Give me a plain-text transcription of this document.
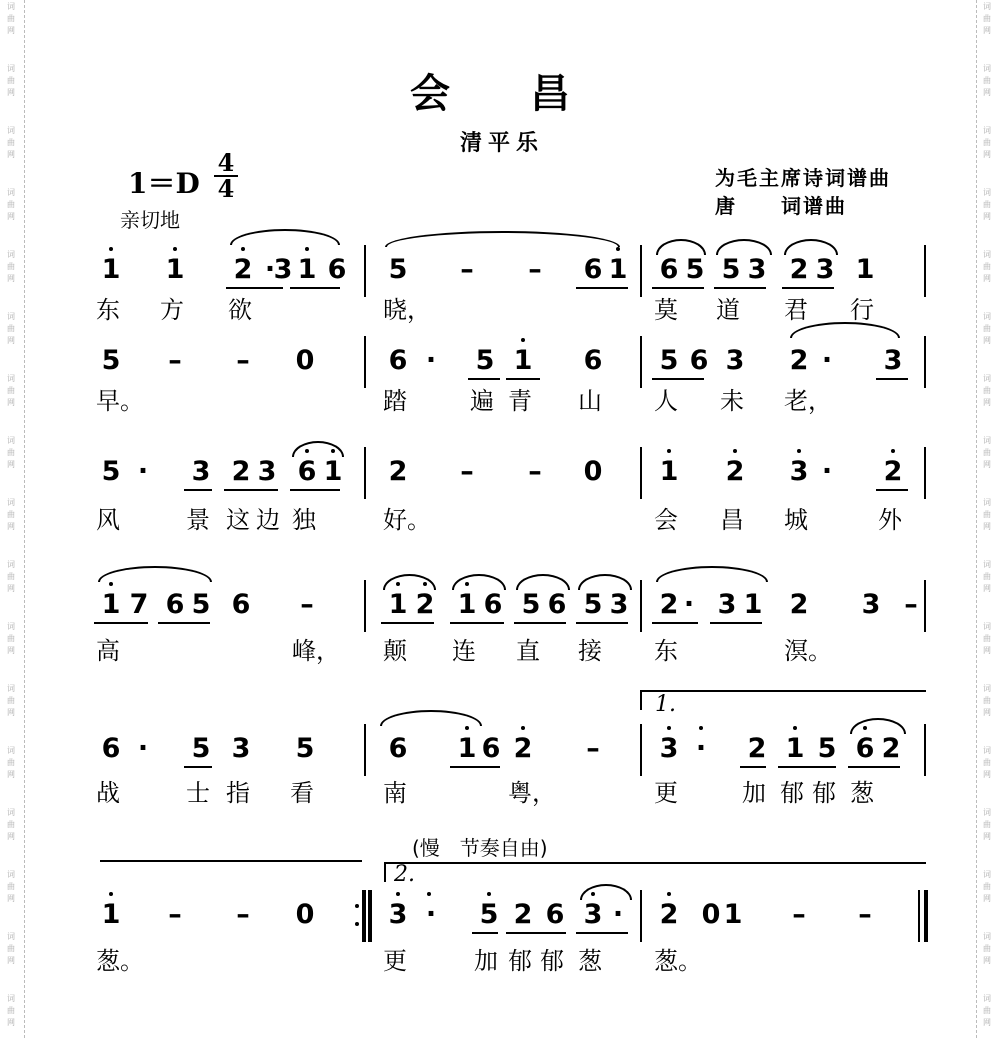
词
曲
网
词
曲
网
词
曲
网
词
曲
网
词
曲
网
词
曲
网
词
曲
网
词
曲
网
词
曲
网
词
曲
网
词
曲
网
词
曲
网
词
曲
网
词
曲
网
词
曲
网
词
曲
网
词
曲
网
词
曲
网
词
曲
网
词
曲
网
词
曲
网
词
曲
网
词
曲
网
词
曲
网
词
曲
网
词
曲
网
词
曲
网
词
曲
网
词
曲
网
词
曲
网
词
曲
网
词
曲
网
词
曲
网
词
曲
网
会　　昌
清平乐
1＝D
4
4
亲切地
为毛主席诗词谱曲
唐　　词谱曲
(慢　节奏自由)
1.
2.
1 1 2 ·
3 1 6 5	–	–	6 1 6 5 5 3 2 3 1
东	方	欲	晓，	莫	道	君	行
5	–	–	0	6 ·	5 1 6 5 6 3 2 ·	3
早。	踏	遍 青	山	人	未	老，
5 ·	3 2 3 6 1 2	–	–	0 1 2 3 ·	2
风	景 这 边 独	好。	会	昌	城	外
1 7 6 5 6	–	1 2 1 6 5 6 5 3 2 · 3 1 2 3 –
高	峰， 颠	连	直	接	东	溟。
6 ·	5 3 5	6 1 6 2	–	3 ·	2 1 5 6 2
战	士 指	看	南	粤，	更	加 郁 郁 葱
1	–	–	0	3 ·	5 2 6 3 ·	2 1	–	–
0
葱。	更	加 郁 郁 葱	葱。
